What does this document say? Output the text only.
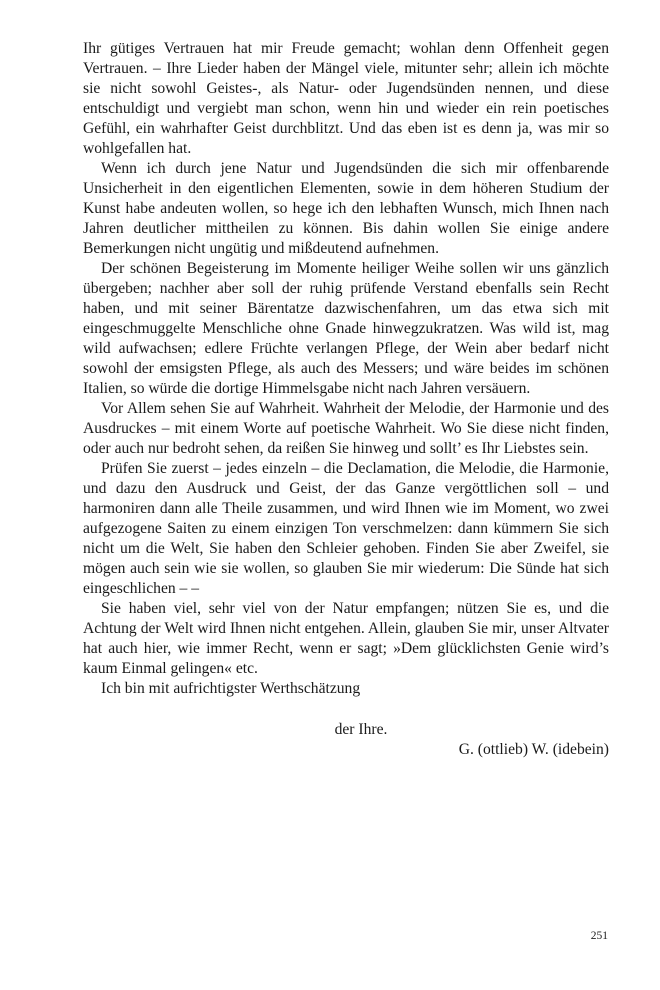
Ihr gütiges Vertrauen hat mir Freude gemacht; wohlan denn Offenheit gegen Vertrauen. – Ihre Lieder haben der Mängel viele, mitunter sehr; allein ich möchte sie nicht sowohl Geistes-, als Natur- oder Jugendsünden nennen, und diese entschuldigt und vergiebt man schon, wenn hin und wieder ein rein poetisches Gefühl, ein wahrhafter Geist durchblitzt. Und das eben ist es denn ja, was mir so wohlgefallen hat.

Wenn ich durch jene Natur und Jugendsünden die sich mir offenbarende Unsicherheit in den eigentlichen Elementen, sowie in dem höheren Studium der Kunst habe andeuten wollen, so hege ich den lebhaften Wunsch, mich Ihnen nach Jahren deutlicher mittheilen zu können. Bis dahin wollen Sie einige andere Bemerkungen nicht ungütig und mißdeutend aufnehmen.

Der schönen Begeisterung im Momente heiliger Weihe sollen wir uns gänzlich übergeben; nachher aber soll der ruhig prüfende Verstand ebenfalls sein Recht haben, und mit seiner Bärentatze dazwischenfahren, um das etwa sich mit eingeschmuggelte Menschliche ohne Gnade hinwegzukratzen. Was wild ist, mag wild aufwachsen; edlere Früchte verlangen Pflege, der Wein aber bedarf nicht sowohl der emsigsten Pflege, als auch des Messers; und wäre beides im schönen Italien, so würde die dortige Himmelsgabe nicht nach Jahren versäuern.

Vor Allem sehen Sie auf Wahrheit. Wahrheit der Melodie, der Harmonie und des Ausdruckes – mit einem Worte auf poetische Wahrheit. Wo Sie diese nicht finden, oder auch nur bedroht sehen, da reißen Sie hinweg und sollt’ es Ihr Liebstes sein.

Prüfen Sie zuerst – jedes einzeln – die Declamation, die Melodie, die Harmonie, und dazu den Ausdruck und Geist, der das Ganze vergöttlichen soll – und harmoniren dann alle Theile zusammen, und wird Ihnen wie im Moment, wo zwei aufgezogene Saiten zu einem einzigen Ton verschmelzen: dann kümmern Sie sich nicht um die Welt, Sie haben den Schleier gehoben. Finden Sie aber Zweifel, sie mögen auch sein wie sie wollen, so glauben Sie mir wiederum: Die Sünde hat sich eingeschlichen – –

Sie haben viel, sehr viel von der Natur empfangen; nützen Sie es, und die Achtung der Welt wird Ihnen nicht entgehen. Allein, glauben Sie mir, unser Altvater hat auch hier, wie immer Recht, wenn er sagt; »Dem glücklichsten Genie wird’s kaum Einmal gelingen« etc.

Ich bin mit aufrichtigster Werthschätzung

der Ihre.
G. (ottlieb) W. (idebein)
251
